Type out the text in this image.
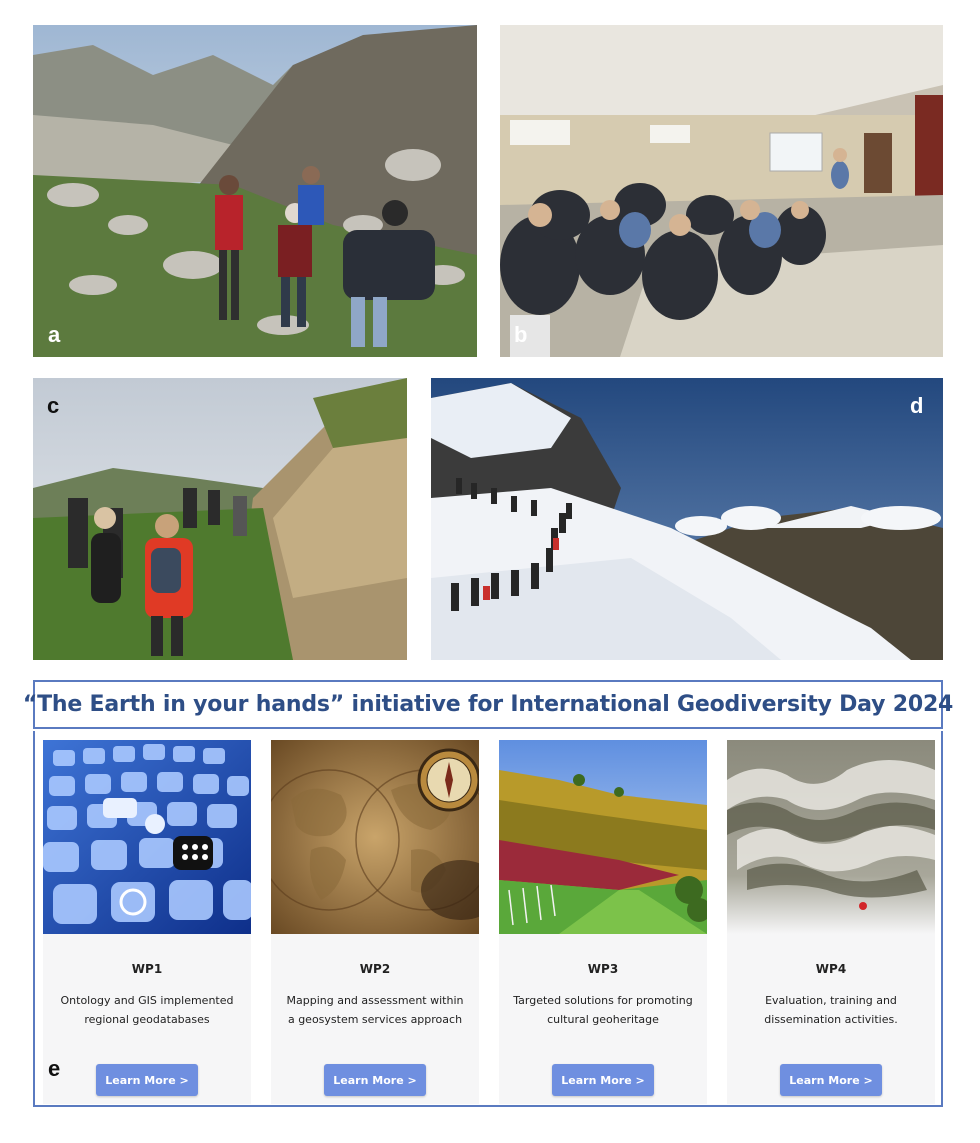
a	b
c	d
“The Earth in your hands” initiative for International Geodiversity Day 2024
WP1
Ontology and GIS implemented regional geodatabases
Learn More >
WP2
Mapping and assessment within a geosystem services approach
Learn More >
WP3
Targeted solutions for promoting cultural geoheritage
Learn More >
WP4
Evaluation, training and dissemination activities.
Learn More >
e
